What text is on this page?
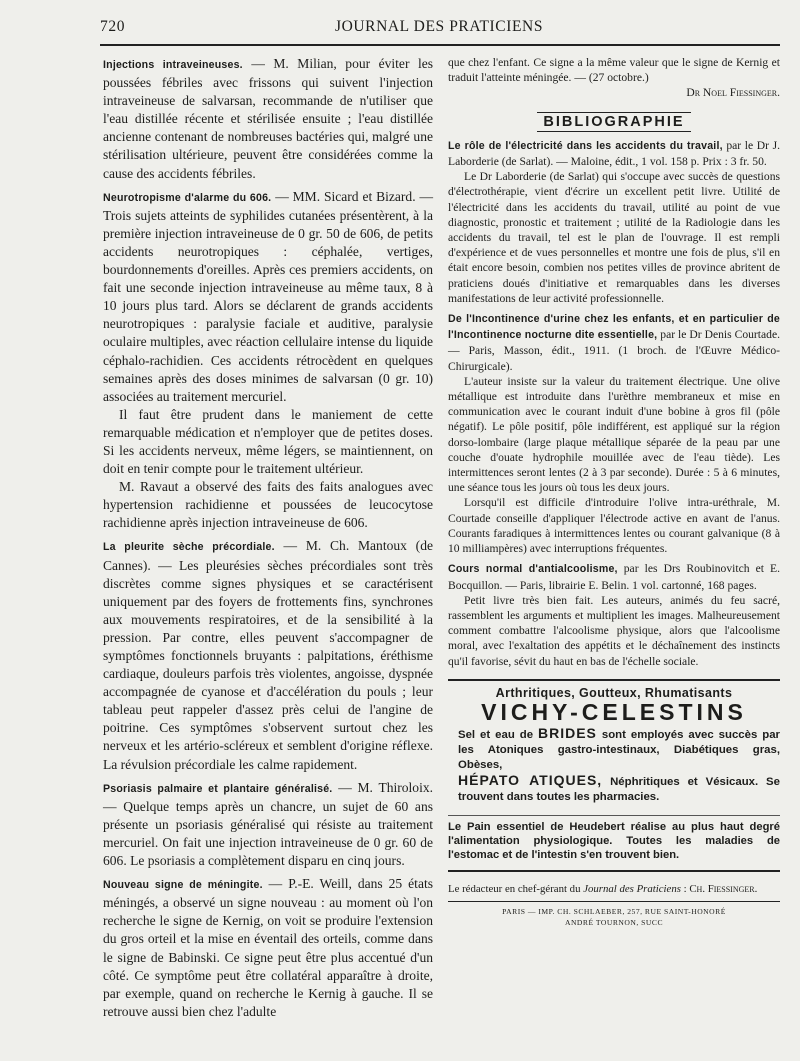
720	JOURNAL DES PRATICIENS

Injections intraveineuses. — M. Milian, pour éviter les poussées fébriles avec frissons qui suivent l'injection intraveineuse de salvarsan, recommande de n'utiliser que l'eau distillée récente et stérilisée ensuite ; l'eau distillée ancienne contenant de nombreuses bactéries qui, malgré une stérilisation ultérieure, peuvent être considérées comme la cause des accidents fébriles.

Neurotropisme d'alarme du 606. — MM. Sicard et Bizard. — Trois sujets atteints de syphilides cutanées présentèrent, à la première injection intraveineuse de 0 gr. 50 de 606, de petits accidents neurotropiques : céphalée, vertiges, bourdonnements d'oreilles. Après ces premiers accidents, on fait une seconde injection intraveineuse au même taux, 8 à 10 jours plus tard. Alors se déclarent de grands accidents neurotropiques : paralysie faciale et auditive, paralysie oculaire multiples, avec réaction cellulaire intense du liquide céphalo-rachidien. Ces accidents rétrocèdent en quelques semaines après des doses minimes de salvarsan (0 gr. 10) associées au traitement mercuriel.

Il faut être prudent dans le maniement de cette remarquable médication et n'employer que de petites doses. Si les accidents nerveux, même légers, se maintiennent, on doit en tenir compte pour le traitement ultérieur.

M. Ravaut a observé des faits des faits analogues avec hypertension rachidienne et poussées de leucocytose rachidienne après injection intraveineuse de 606.

La pleurite sèche précordiale. — M. Ch. Mantoux (de Cannes). — Les pleurésies sèches précordiales sont très discrètes comme signes physiques et se caractérisent uniquement par des foyers de frottements fins, synchrones aux mouvements respiratoires, et de la sensibilité à la pression. Par contre, elles peuvent s'accompagner de symptômes fonctionnels bruyants : palpitations, éréthisme cardiaque, douleurs parfois très violentes, angoisse, dyspnée accompagnée de cyanose et d'accélération du pouls ; leur tableau peut rappeler d'assez près celui de l'angine de poitrine. Ces symptômes s'observent surtout chez les nerveux et les artério-scléreux et semblent d'origine réflexe. La révulsion précordiale les calme rapidement.

Psoriasis palmaire et plantaire généralisé. — M. Thiroloix. — Quelque temps après un chancre, un sujet de 60 ans présente un psoriasis généralisé qui résiste au traitement mercuriel. On fait une injection intraveineuse de 0 gr. 60 de 606. Le psoriasis a complètement disparu en cinq jours.

Nouveau signe de méningite. — P.-E. Weill, dans 25 états méningés, a observé un signe nouveau : au moment où l'on recherche le signe de Kernig, on voit se produire l'extension du gros orteil et la mise en éventail des orteils, comme dans le signe de Babinski. Ce signe peut être plus accentué d'un côté. Ce symptôme peut être collatéral apparaître à droite, par exemple, quand on recherche le Kernig à gauche. Il se retrouve aussi bien chez l'adulte

que chez l'enfant. Ce signe a la même valeur que le signe de Kernig et traduit l'atteinte méningée. — (27 octobre.)

Dr Noel Fiessinger.

BIBLIOGRAPHIE

Le rôle de l'électricité dans les accidents du travail, par le Dr J. Laborderie (de Sarlat). — Maloine, édit., 1 vol. 158 p. Prix : 3 fr. 50.

Le Dr Laborderie (de Sarlat) qui s'occupe avec succès de questions d'électrothérapie, vient d'écrire un excellent petit livre. Utilité de l'électricité dans les accidents du travail, utilité au point de vue diagnostic, pronostic et traitement ; utilité de la Radiologie dans les accidents du travail, tel est le plan de l'ouvrage. Il est rempli d'expérience et de vues personnelles et montre une fois de plus, s'il en était encore besoin, combien nos petites villes de province abritent de praticiens doués d'initiative et remarquables dans les diverses manifestations de leur activité professionnelle.

De l'Incontinence d'urine chez les enfants, et en particulier de l'Incontinence nocturne dite essentielle, par le Dr Denis Courtade. — Paris, Masson, édit., 1911. (1 broch. de l'Œuvre Médico-Chirurgicale).

L'auteur insiste sur la valeur du traitement électrique. Une olive métallique est introduite dans l'urèthre membraneux et mise en communication avec le courant induit d'une bobine à gros fil (pôle négatif). Le pôle positif, pôle indifférent, est appliqué sur la région dorso-lombaire (large plaque métallique séparée de la peau par une couche d'ouate hydrophile mouillée avec de l'eau tiède). Les intermittences seront lentes (2 à 3 par seconde). Durée : 5 à 6 minutes, une séance tous les jours où tous les deux jours.

Lorsqu'il est difficile d'introduire l'olive intra-uréthrale, M. Courtade conseille d'appliquer l'électrode active en avant de l'anus. Courants faradiques à intermittences lentes ou courant galvanique (8 à 10 milliampères) avec interruptions fréquentes.

Cours normal d'antialcoolisme, par les Drs Roubinovitch et E. Bocquillon. — Paris, librairie E. Belin. 1 vol. cartonné, 168 pages.

Petit livre très bien fait. Les auteurs, animés du feu sacré, rassemblent les arguments et multiplient les images. Malheureusement comment combattre l'alcoolisme physique, alors que l'alcoolisme moral, avec l'exaltation des appétits et le déchaînement des instincts qu'il favorise, sévit du haut en bas de l'échelle sociale.

Arthritiques, Goutteux, Rhumatisants
VICHY-CELESTINS
Sel et eau de BRIDES sont employés avec succès par les Atoniques gastro-intestinaux, Diabétiques gras, Obèses,
HÉPATO ATIQUES, Néphritiques et Vésicaux. Se trouvent dans toutes les pharmacies.
Le Pain essentiel de Heudebert réalise au plus haut degré l'alimentation physiologique. Toutes les maladies de l'estomac et de l'intestin s'en trouvent bien.
Le rédacteur en chef-gérant du Journal des Praticiens : Ch. Fiessinger.
PARIS — IMP. CH. SCHLAEBER, 257, RUE SAINT-HONORÉ
ANDRÉ TOURNON, SUCC
